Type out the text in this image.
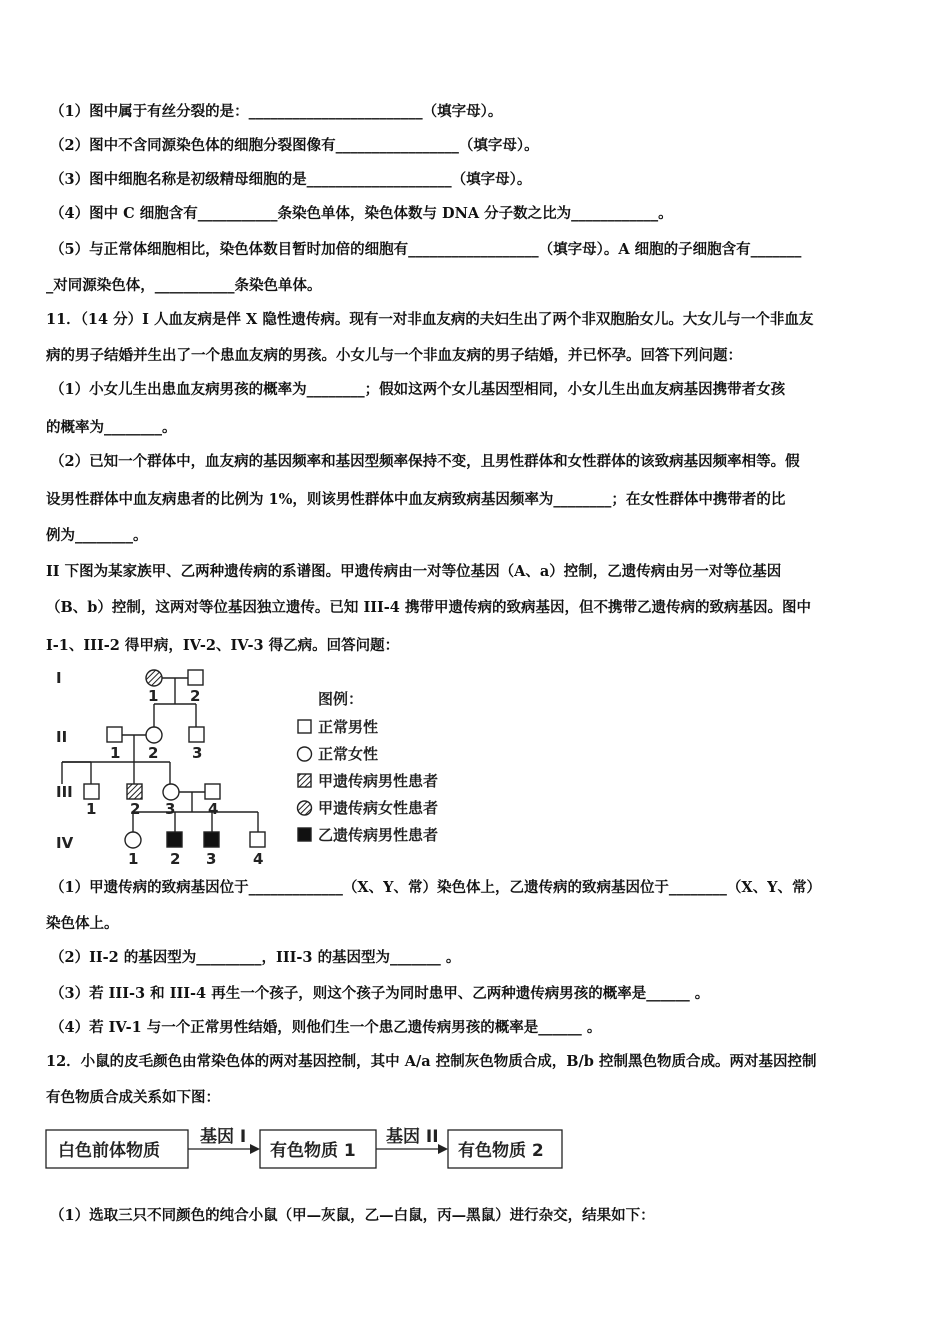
（1）图中属于有丝分裂的是：________________________（填字母）。
（2）图中不含同源染色体的细胞分裂图像有_________________（填字母）。
（3）图中细胞名称是初级精母细胞的是____________________（填字母）。
（4）图中 C 细胞含有___________条染色单体，染色体数与 DNA 分子数之比为____________。
（5）与正常体细胞相比，染色体数目暂时加倍的细胞有__________________（填字母）。A 细胞的子细胞含有_______
_对同源染色体，___________条染色单体。
11．（14 分）I 人血友病是伴 X 隐性遗传病。现有一对非血友病的夫妇生出了两个非双胞胎女儿。大女儿与一个非血友
病的男子结婚并生出了一个患血友病的男孩。小女儿与一个非血友病的男子结婚，并已怀孕。回答下列问题：
（1）小女儿生出患血友病男孩的概率为________；假如这两个女儿基因型相同，小女儿生出血友病基因携带者女孩
的概率为________。
（2）已知一个群体中，血友病的基因频率和基因型频率保持不变，且男性群体和女性群体的该致病基因频率相等。假
设男性群体中血友病患者的比例为 1%，则该男性群体中血友病致病基因频率为________；在女性群体中携带者的比
例为________。
II 下图为某家族甲、乙两种遗传病的系谱图。甲遗传病由一对等位基因（A、a）控制，乙遗传病由另一对等位基因
（B、b）控制，这两对等位基因独立遗传。已知 III-4 携带甲遗传病的致病基因，但不携带乙遗传病的致病基因。图中
I-1、III-2 得甲病，IV-2、IV-3 得乙病。回答问题：
I
II
III
IV
1 2
1 2 3
1 2 3 4
1 2 3 4
图例：
正常男性
正常女性
甲遗传病男性患者
甲遗传病女性患者
乙遗传病男性患者
（1）甲遗传病的致病基因位于_____________（X、Y、常）染色体上，乙遗传病的致病基因位于________（X、Y、常）
染色体上。
（2）II-2 的基因型为_________，III-3 的基因型为_______ 。
（3）若 III-3 和 III-4 再生一个孩子，则这个孩子为同时患甲、乙两种遗传病男孩的概率是______ 。
（4）若 IV-1 与一个正常男性结婚，则他们生一个患乙遗传病男孩的概率是______ 。
12．小鼠的皮毛颜色由常染色体的两对基因控制，其中 A/a 控制灰色物质合成，B/b 控制黑色物质合成。两对基因控制
有色物质合成关系如下图：
白色前体物质	有色物质 1	有色物质 2
基因 I	基因 II
（1）选取三只不同颜色的纯合小鼠（甲—灰鼠，乙—白鼠，丙—黑鼠）进行杂交，结果如下：
